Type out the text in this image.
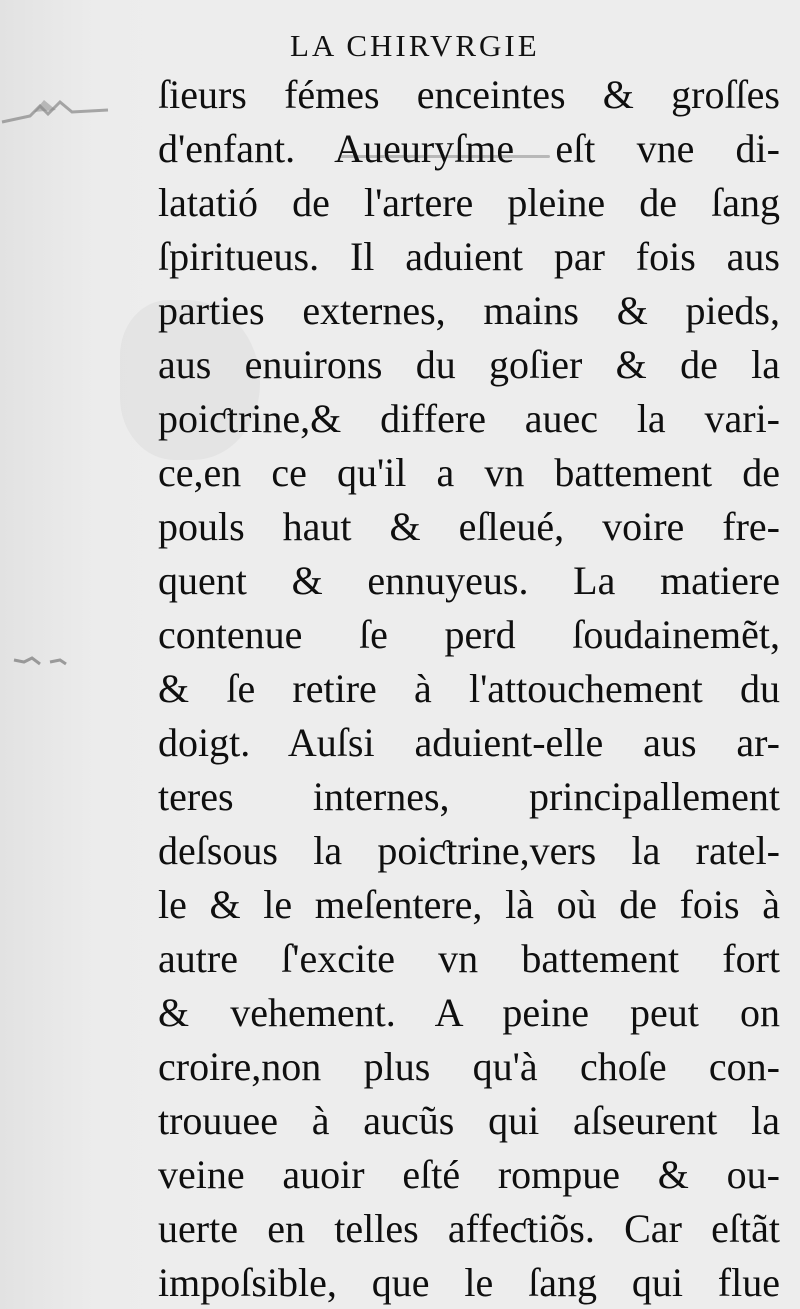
LA CHIRVRGIE
ſieurs fémes enceintes & groſſes
d'enfant. Aueuryſme eſt vne di-
latatió de l'artere pleine de ſang
ſpiritueus. Il aduient par fois aus
parties externes, mains & pieds,
aus enuirons du goſier & de la
poiƈtrine,& differe auec la vari-
ce,en ce qu'il a vn battement de
pouls haut & eſleué, voire fre-
quent & ennuyeus. La matiere
contenue ſe perd ſoudainemẽt,
& ſe retire à l'attouchement du
doigt. Auſsi aduient-elle aus ar-
teres internes, principallement
deſsous la poiƈtrine,vers la ratel-
le & le meſentere, là où de fois à
autre ſ'excite vn battement fort
& vehement. A peine peut on
croire,non plus qu'à choſe con-
trouuee à aucũs qui aſseurent la
veine auoir eſté rompue & ou-
uerte en telles affeƈtiõs. Car eſtãt
impoſsible, que le ſang qui flue
